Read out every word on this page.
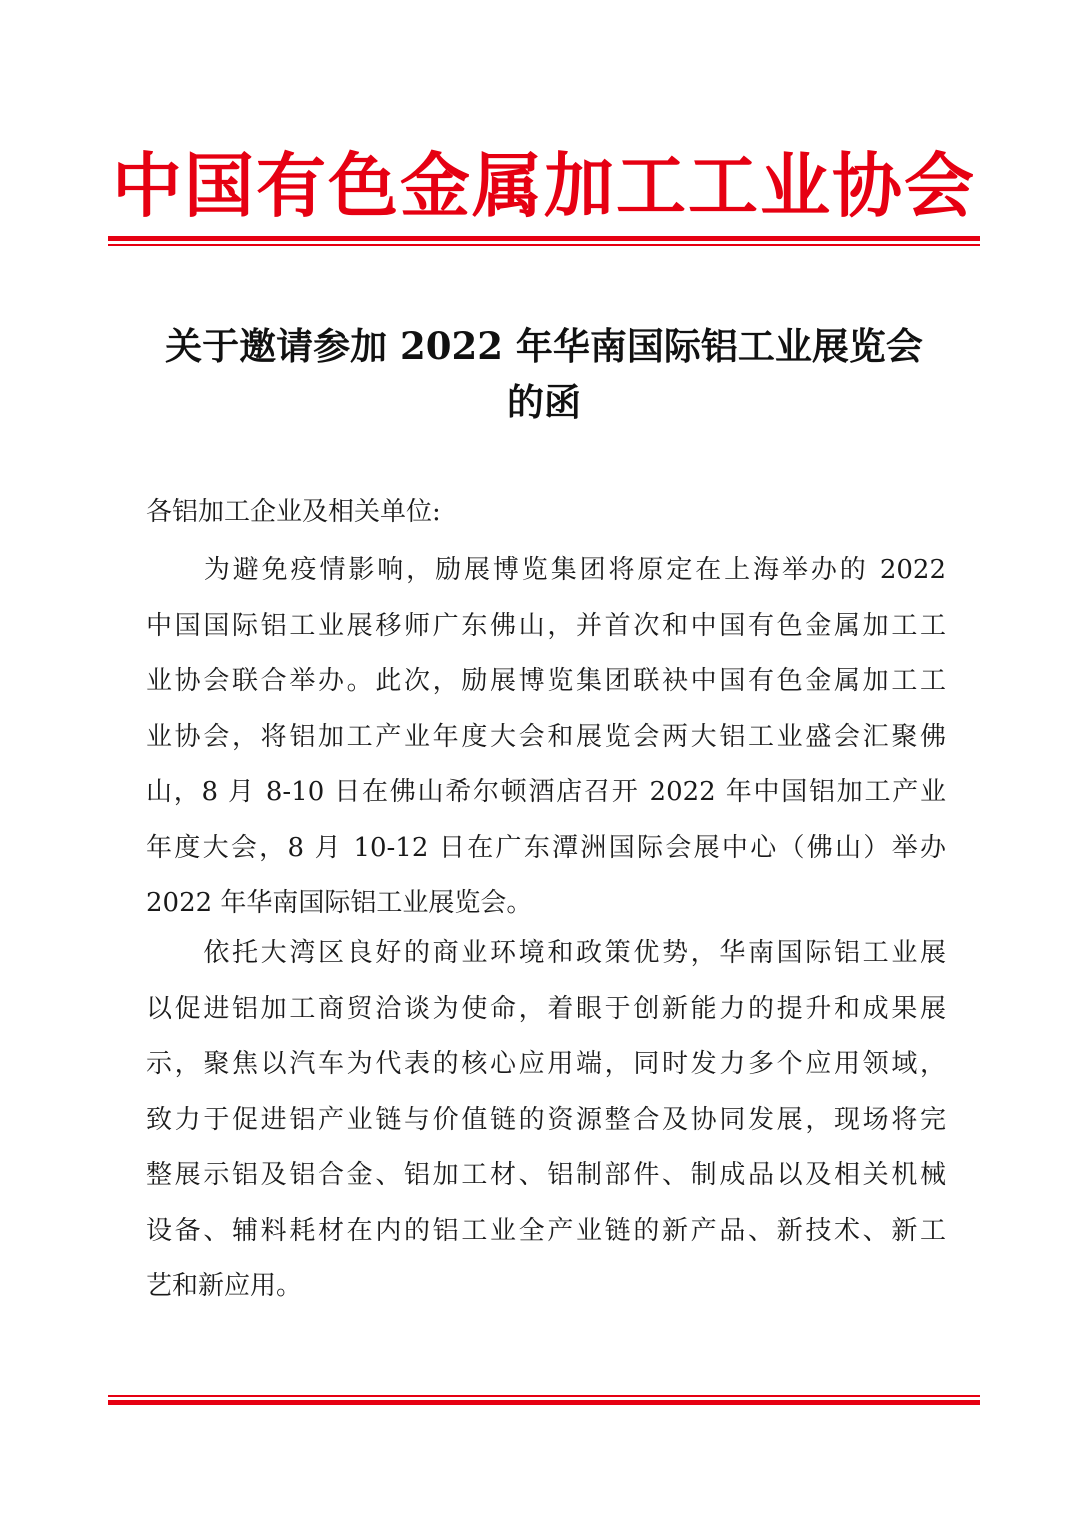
中国有色金属加工工业协会
关于邀请参加 2022 年华南国际铝工业展览会
的函
各铝加工企业及相关单位:
　　为避免疫情影响，励展博览集团将原定在上海举办的 2022
中国国际铝工业展移师广东佛山，并首次和中国有色金属加工工
业协会联合举办。此次，励展博览集团联袂中国有色金属加工工
业协会，将铝加工产业年度大会和展览会两大铝工业盛会汇聚佛
山，8 月 8-10 日在佛山希尔顿酒店召开 2022 年中国铝加工产业
年度大会，8 月 10-12 日在广东潭洲国际会展中心（佛山）举办
2022 年华南国际铝工业展览会。
　　依托大湾区良好的商业环境和政策优势，华南国际铝工业展
以促进铝加工商贸洽谈为使命，着眼于创新能力的提升和成果展
示，聚焦以汽车为代表的核心应用端，同时发力多个应用领域，
致力于促进铝产业链与价值链的资源整合及协同发展，现场将完
整展示铝及铝合金、铝加工材、铝制部件、制成品以及相关机械
设备、辅料耗材在内的铝工业全产业链的新产品、新技术、新工
艺和新应用。
